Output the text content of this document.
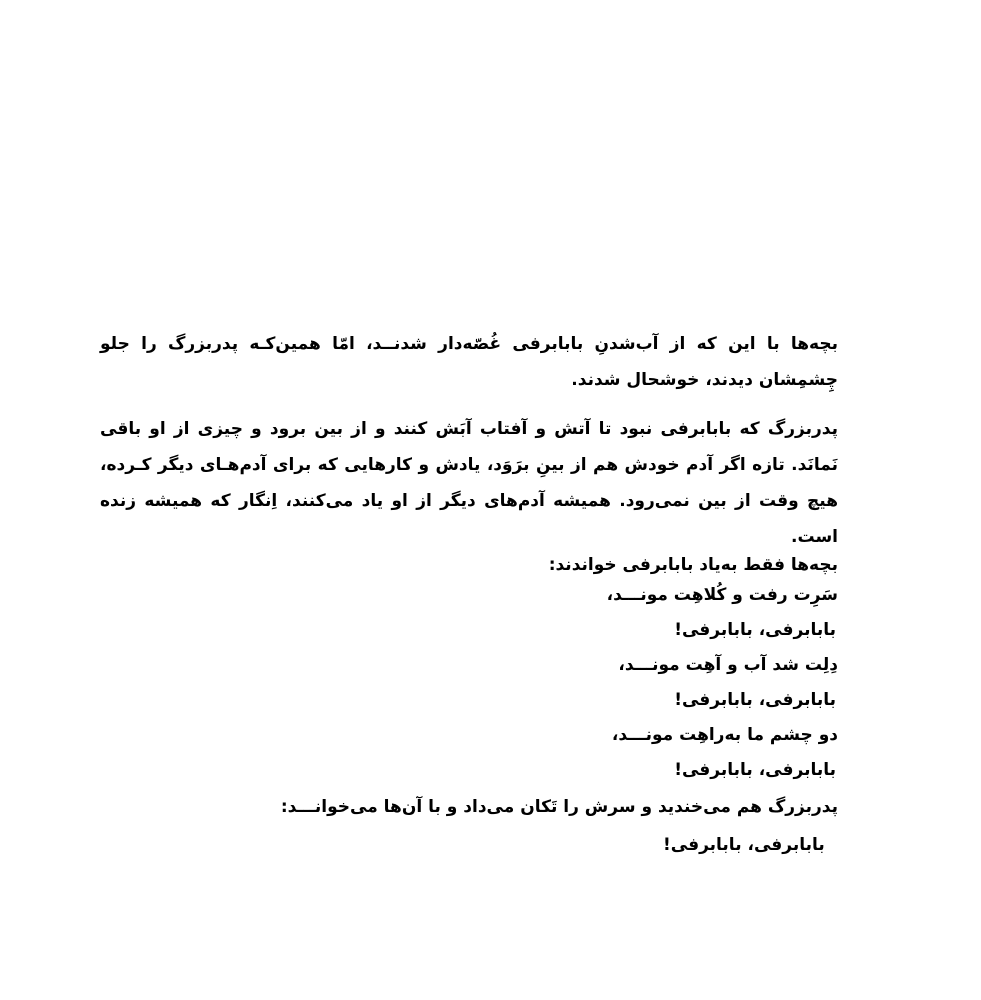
بچه‌ها با این که از آب‌شدنِ بابابرفی غُصّه‌دار شدنــد، امّا همین‌کـه پدربزرگ را جلو چِشمِشان دیدند، خوشحال شدند.

پدربزرگ که بابابرفی نبود تا آتش و آفتاب آبَش کنند و از بین برود و چیزی از او باقی نَمانَد. تازه اگر آدم خودش هم از بینِ برَوَد، یادش و کارهایی که برای آدم‌هـای دیگر کـرده، هیچ وقت از بین نمی‌رود. همیشه آدم‌های دیگر از او یاد می‌کنند، اِنگار که همیشه زنده است.

بچه‌ها فقط به‌یاد بابابرفی خواندند:

سَرِت رفت و کُلاهِت مونـــد،
بابابرفی، بابابرفی!
دِلِت شد آب و آهِت مونـــد،
بابابرفی، بابابرفی!
دو چشم ما به‌راهِت مونـــد،
بابابرفی، بابابرفی!

پدربزرگ هم می‌خندید و سرش را تَکان می‌داد و با آن‌ها می‌خوانـــد:

بابابرفی، بابابرفی!
